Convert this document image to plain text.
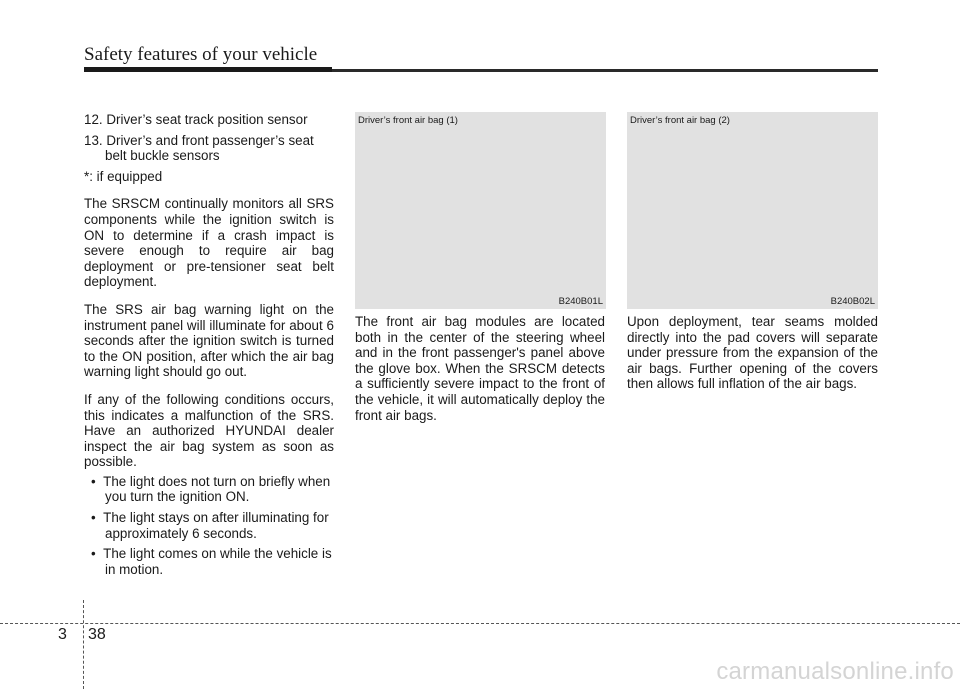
Safety features of your vehicle
12. Driver’s seat track position sensor
13. Driver’s and front passenger’s seat belt buckle sensors
*: if equipped
The SRSCM continually monitors all SRS components while the ignition switch is ON to determine if a crash impact is severe enough to require air bag deployment or pre-tensioner seat belt deployment.
The SRS air bag warning light on the instrument panel will illuminate for about 6 seconds after the ignition switch is turned to the ON position, after which the air bag warning light should go out.
If any of the following conditions occurs, this indicates a malfunction of the SRS. Have an authorized HYUNDAI dealer inspect the air bag system as soon as possible.
•  The light does not turn on briefly when you turn the ignition ON.
•  The light stays on after illuminating for approximately 6 seconds.
•  The light comes on while the vehicle is in motion.
Driver’s front air bag (1)
B240B01L
Driver’s front air bag (2)
B240B02L
The front air bag modules are located both in the center of the steering wheel and in the front passenger's panel above the glove box. When the SRSCM detects a sufficiently severe impact to the front of the vehicle, it will automatically deploy the front air bags.
Upon deployment, tear seams molded directly into the pad covers will separate under pressure from the expansion of the air bags. Further opening of the covers then allows full inflation of the air bags.
3 38
carmanualsonline.info
